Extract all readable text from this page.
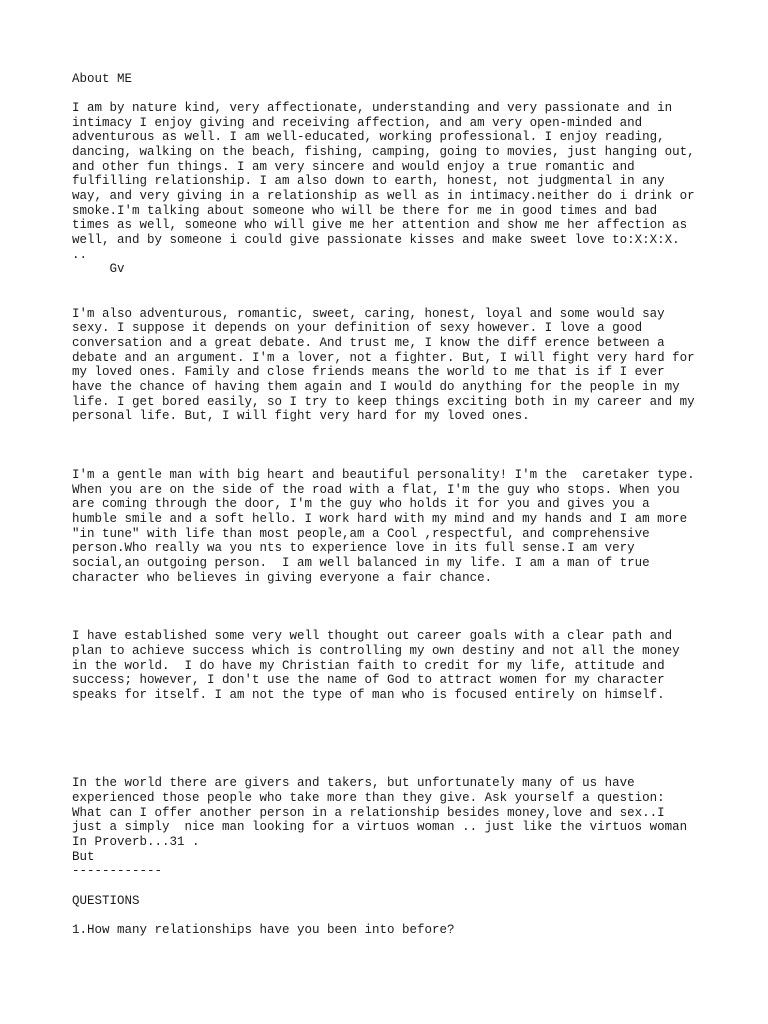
About ME

I am by nature kind, very affectionate, understanding and very passionate and in

intimacy I enjoy giving and receiving affection, and am very open-minded and

adventurous as well. I am well-educated, working professional. I enjoy reading,

dancing, walking on the beach, fishing, camping, going to movies, just hanging out,

and other fun things. I am very sincere and would enjoy a true romantic and

fulfilling relationship. I am also down to earth, honest, not judgmental in any

way, and very giving in a relationship as well as in intimacy.neither do i drink or

smoke.I'm talking about someone who will be there for me in good times and bad

times as well, someone who will give me her attention and show me her affection as

well, and by someone i could give passionate kisses and make sweet love to:X:X:X.

..

Gv

I'm also adventurous, romantic, sweet, caring, honest, loyal and some would say

sexy. I suppose it depends on your definition of sexy however. I love a good

conversation and a great debate. And trust me, I know the diff erence between a

debate and an argument. I'm a lover, not a fighter. But, I will fight very hard for

my loved ones. Family and close friends means the world to me that is if I ever

have the chance of having them again and I would do anything for the people in my

life. I get bored easily, so I try to keep things exciting both in my career and my

personal life. But, I will fight very hard for my loved ones.

I'm a gentle man with big heart and beautiful personality! I'm the  caretaker type.

When you are on the side of the road with a flat, I'm the guy who stops. When you

are coming through the door, I'm the guy who holds it for you and gives you a

humble smile and a soft hello. I work hard with my mind and my hands and I am more

"in tune" with life than most people,am a Cool ,respectful, and comprehensive

person.Who really wa you nts to experience love in its full sense.I am very

social,an outgoing person.  I am well balanced in my life. I am a man of true

character who believes in giving everyone a fair chance.

I have established some very well thought out career goals with a clear path and

plan to achieve success which is controlling my own destiny and not all the money

in the world.  I do have my Christian faith to credit for my life, attitude and

success; however, I don't use the name of God to attract women for my character

speaks for itself. I am not the type of man who is focused entirely on himself.

In the world there are givers and takers, but unfortunately many of us have

experienced those people who take more than they give. Ask yourself a question:

What can I offer another person in a relationship besides money,love and sex..I

just a simply  nice man looking for a virtuos woman .. just like the virtuos woman

In Proverb...31 .

But

------------

QUESTIONS

1.How many relationships have you been into before?
